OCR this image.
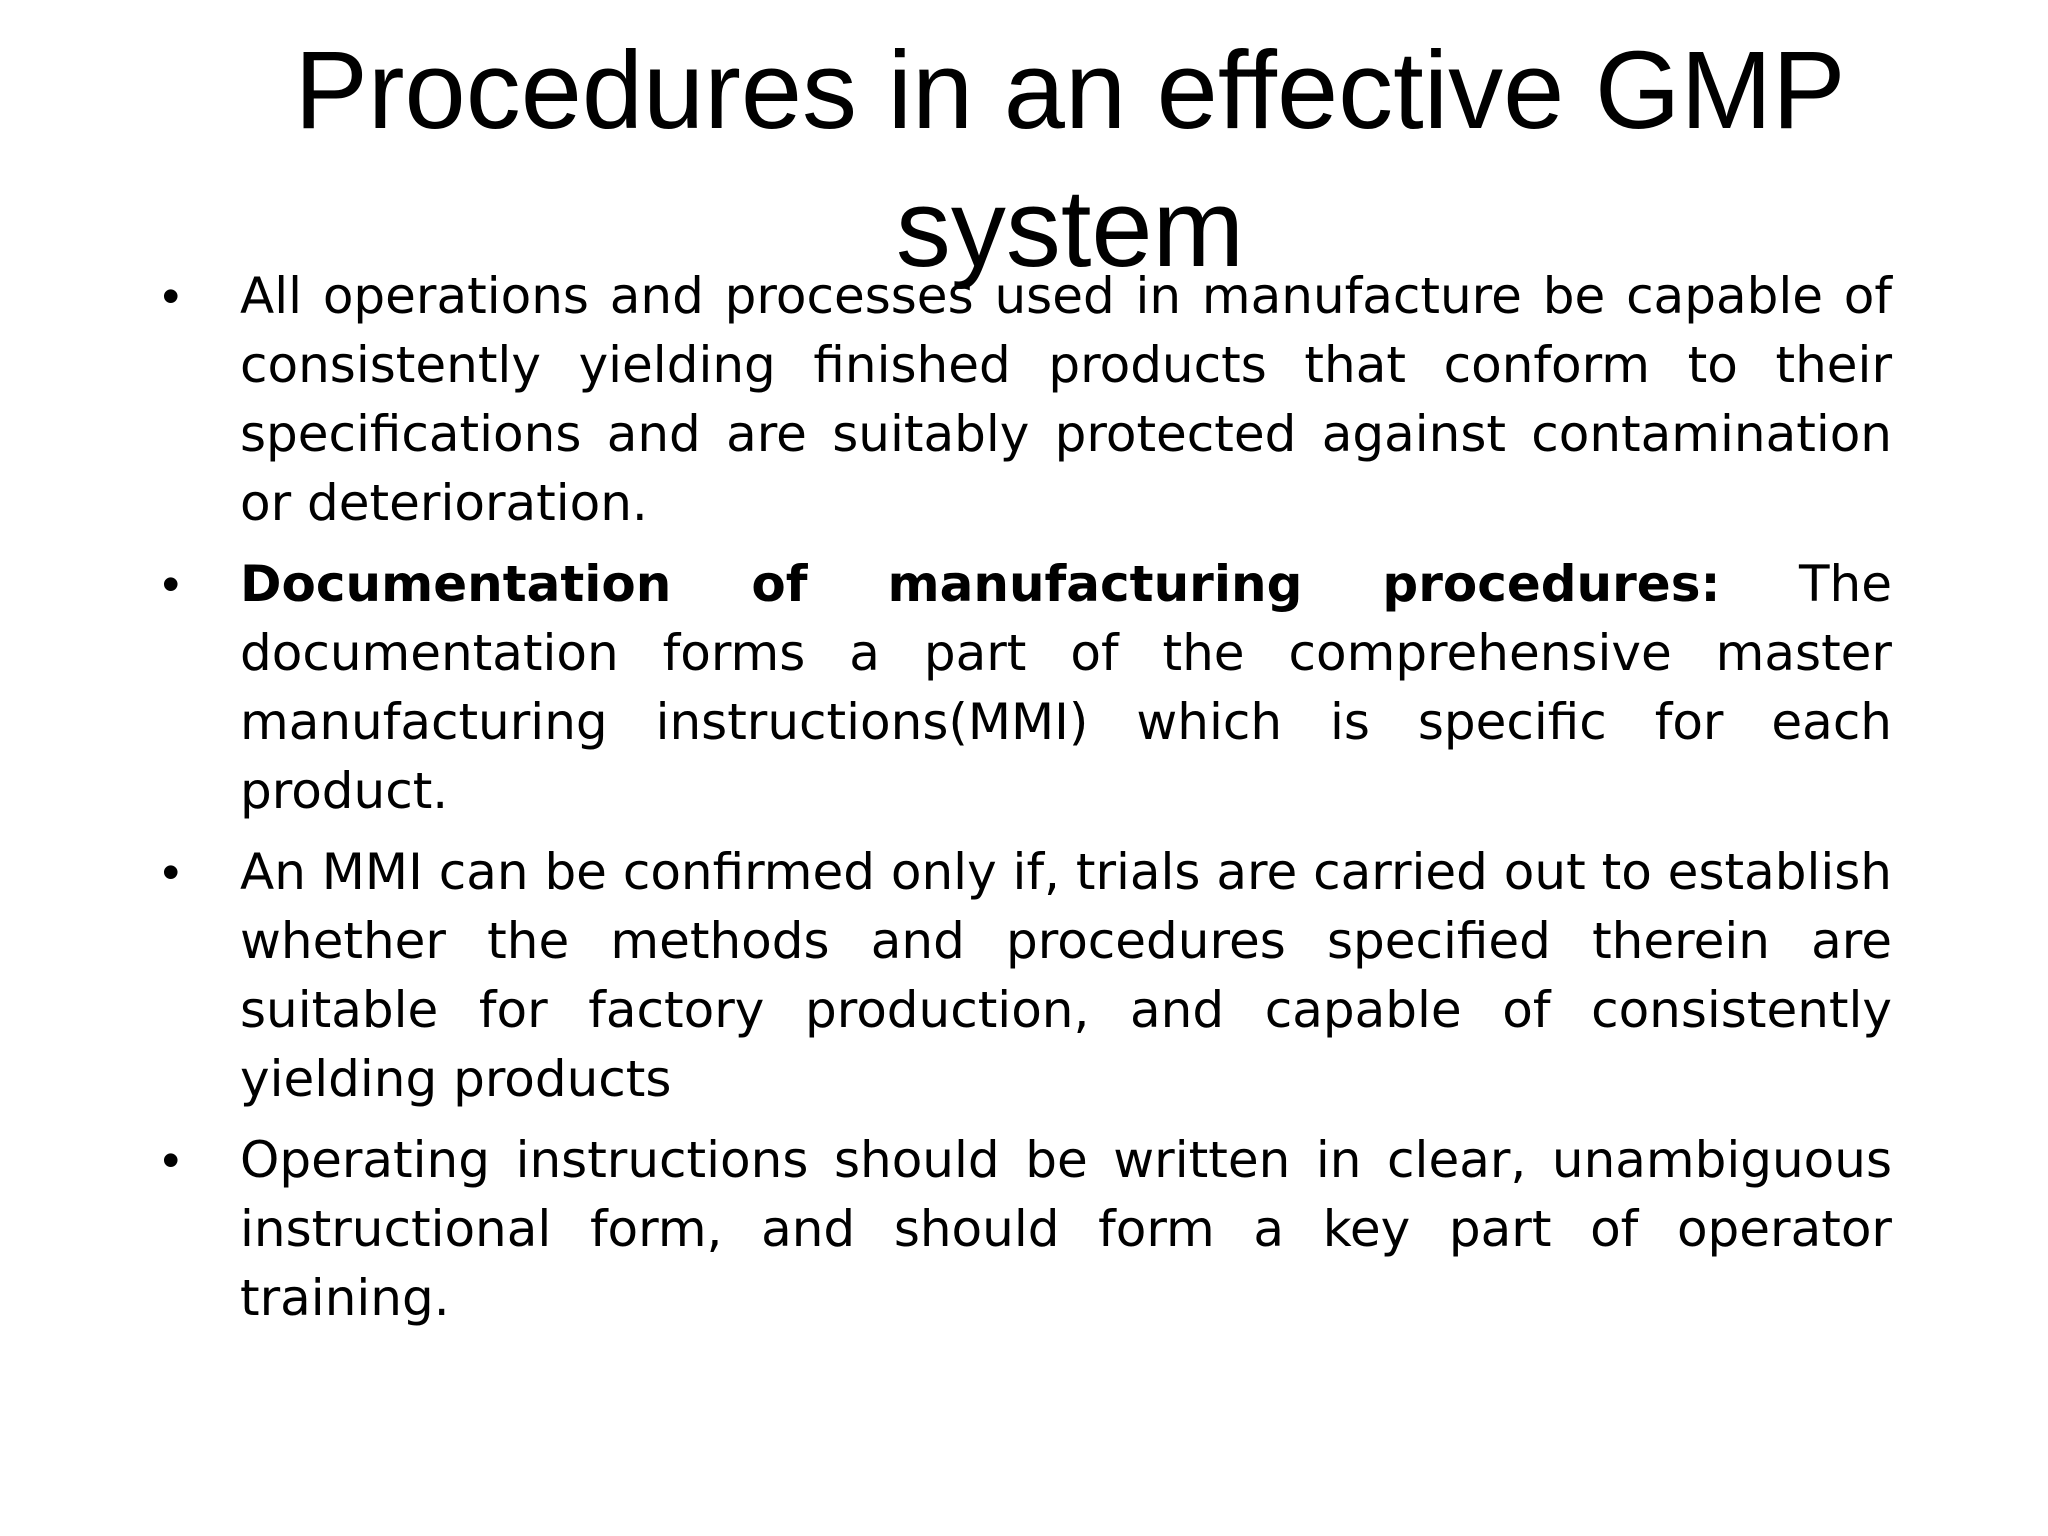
Procedures in an effective GMP
system
• All operations and processes used in manufacture be capable of consistently yielding finished products that conform to their specifications and are suitably protected against contamination or deterioration.
• Documentation of manufacturing procedures: The documentation forms a part of the comprehensive master manufacturing instructions(MMI) which is specific for each product.
• An MMI can be confirmed only if, trials are carried out to establish whether the methods and procedures specified therein are suitable for factory production, and capable of consistently yielding products
• Operating instructions should be written in clear, unambiguous instructional form, and should form a key part of operator training.
